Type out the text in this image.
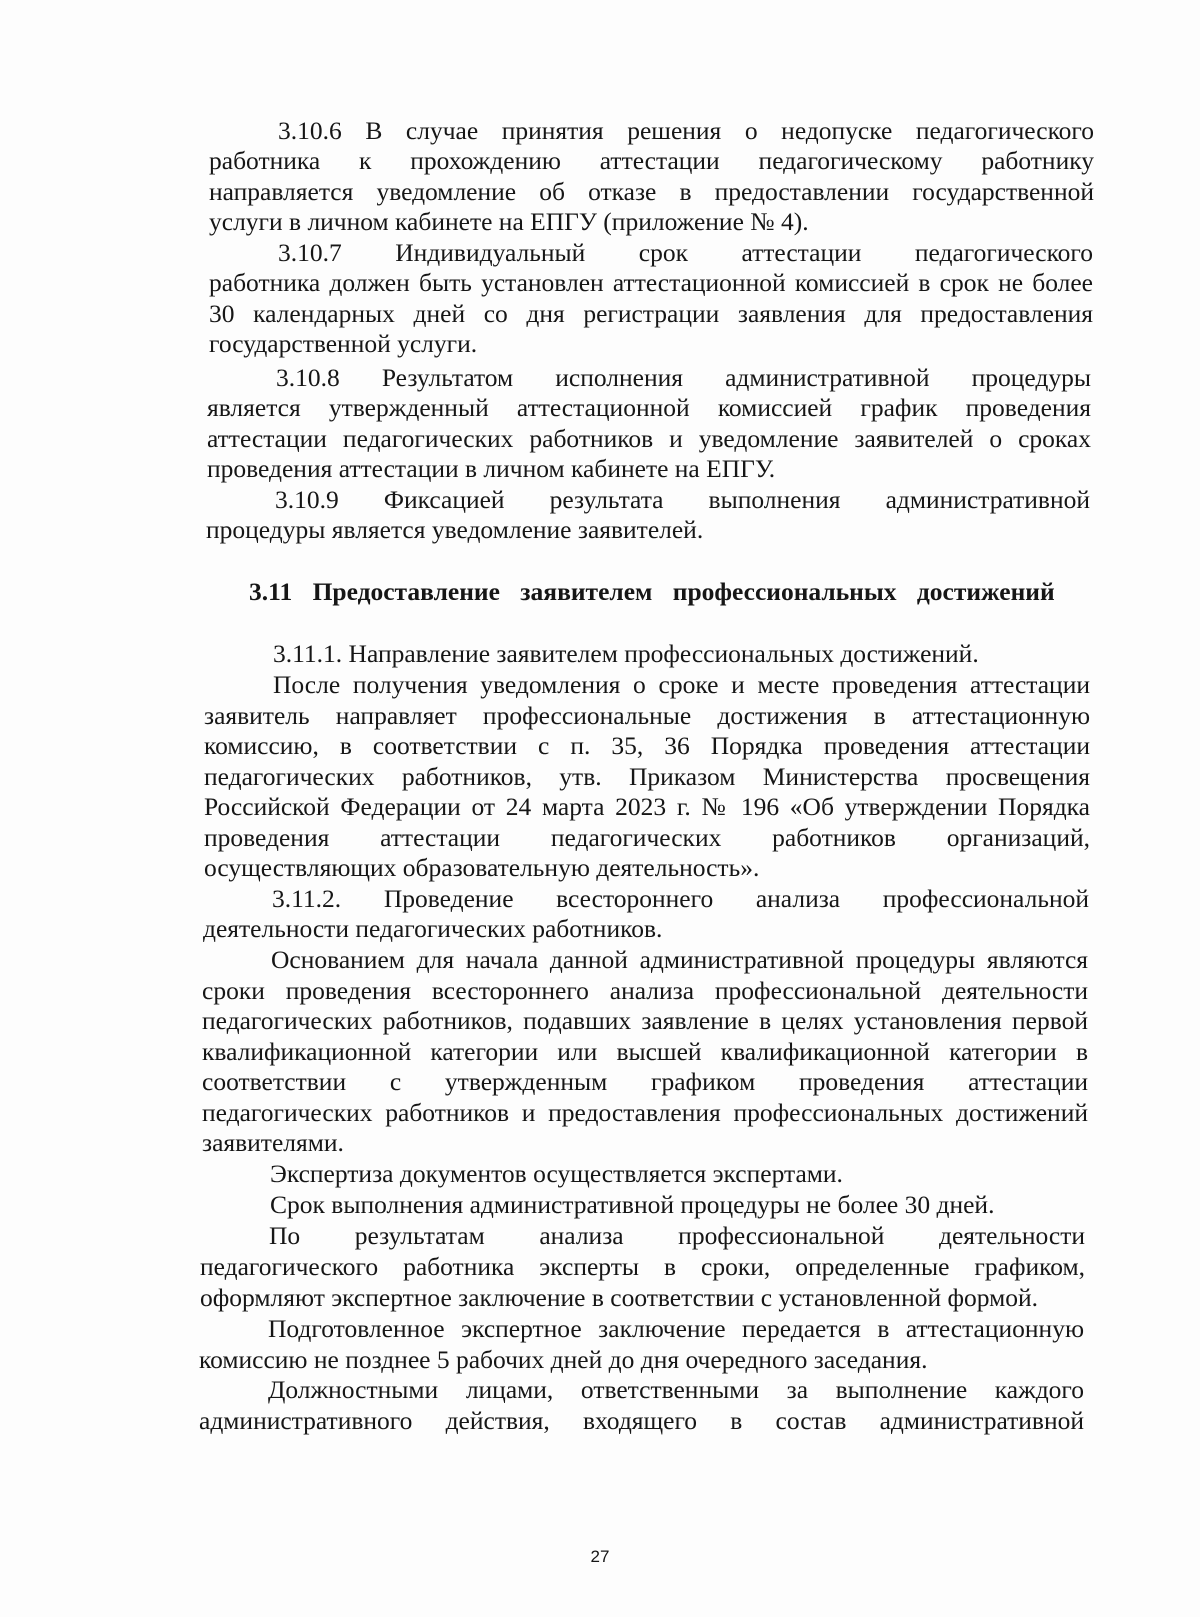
3.10.6 В случае принятия решения о недопуске педагогического

работника к прохождению аттестации педагогическому работнику

направляется уведомление об отказе в предоставлении государственной

услуги в личном кабинете на ЕПГУ (приложение № 4).

3.10.7 Индивидуальный срок аттестации педагогического

работника должен быть установлен аттестационной комиссией в срок не более

30 календарных дней со дня регистрации заявления для предоставления

государственной услуги.

3.10.8 Результатом исполнения административной процедуры

является утвержденный аттестационной комиссией график проведения

аттестации педагогических работников и уведомление заявителей о сроках

проведения аттестации в личном кабинете на ЕПГУ.

3.10.9 Фиксацией результата выполнения административной

процедуры является уведомление заявителей.

3.11 Предоставление заявителем профессиональных достижений

3.11.1. Направление заявителем профессиональных достижений.

После получения уведомления о сроке и месте проведения аттестации

заявитель направляет профессиональные достижения в аттестационную

комиссию, в соответствии с п. 35, 36 Порядка проведения аттестации

педагогических работников, утв. Приказом Министерства просвещения

Российской Федерации от 24 марта 2023 г. № 196 «Об утверждении Порядка

проведения аттестации педагогических работников организаций,

осуществляющих образовательную деятельность».

3.11.2. Проведение всестороннего анализа профессиональной

деятельности педагогических работников.

Основанием для начала данной административной процедуры являются

сроки проведения всестороннего анализа профессиональной деятельности

педагогических работников, подавших заявление в целях установления первой

квалификационной категории или высшей квалификационной категории в

соответствии с утвержденным графиком проведения аттестации

педагогических работников и предоставления профессиональных достижений

заявителями.

Экспертиза документов осуществляется экспертами.

Срок выполнения административной процедуры не более 30 дней.

По результатам анализа профессиональной деятельности

педагогического работника эксперты в сроки, определенные графиком,

оформляют экспертное заключение в соответствии с установленной формой.

Подготовленное экспертное заключение передается в аттестационную

комиссию не позднее 5 рабочих дней до дня очередного заседания.

Должностными лицами, ответственными за выполнение каждого

административного действия, входящего в состав административной

27
